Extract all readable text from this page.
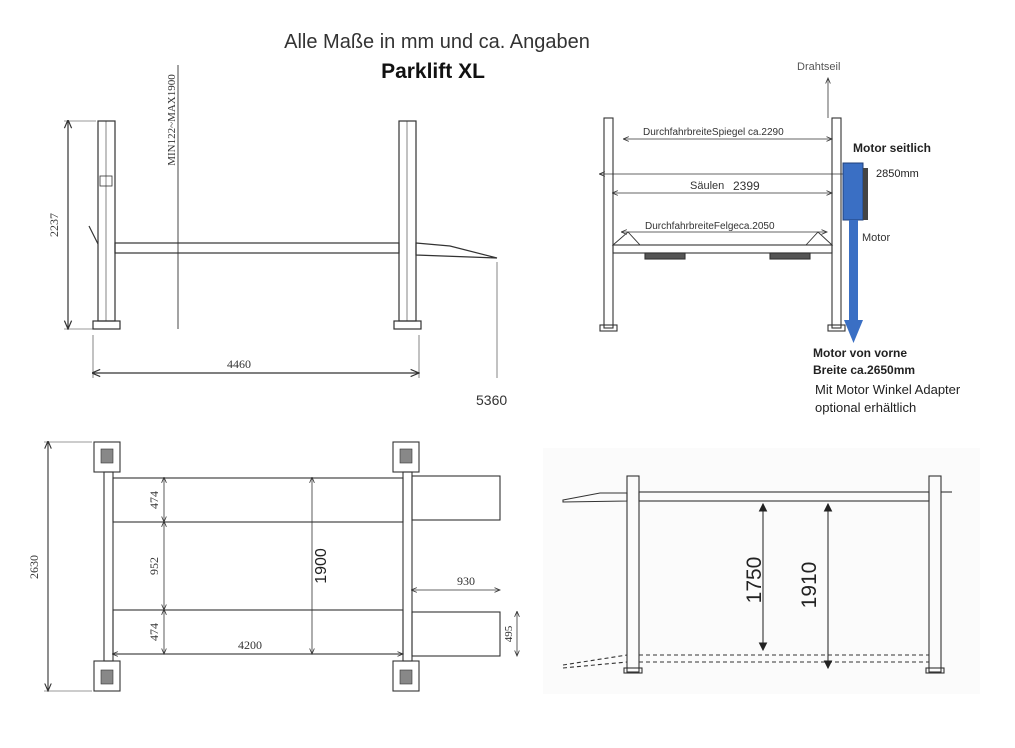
Alle Maße in mm und ca. Angaben
Parklift XL
2237
MIN122~MAX1900
4460
5360
Drahtseil
DurchfahrbreiteSpiegel ca.2290
Säulen 2399
DurchfahrbreiteFelgeca.2050
Motor seitlich
2850mm
Motor
Motor von vorne
Breite ca.2650mm
Mit Motor Winkel Adapter
optional erhältlich
2630
474
952
474
1900	930
495
4200
1750 1910
